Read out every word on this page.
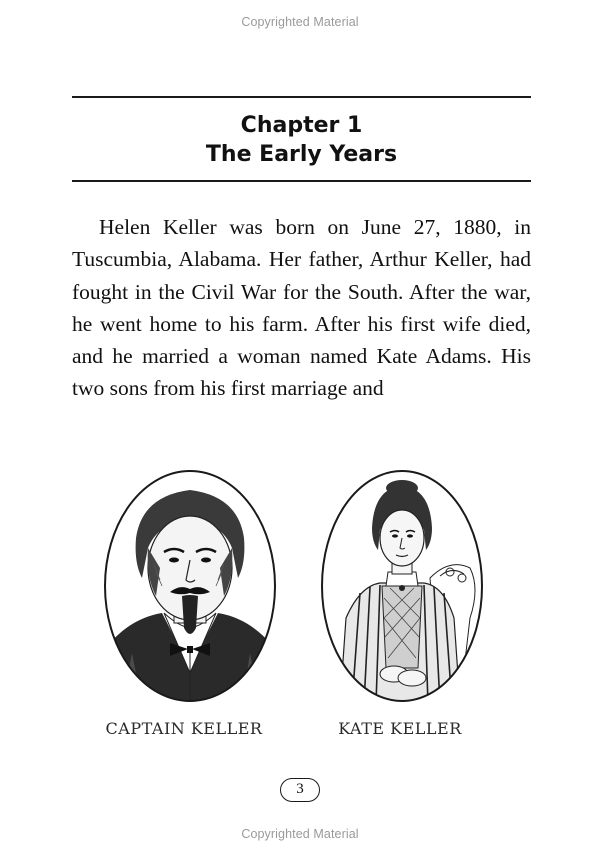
Copyrighted Material
Chapter 1
The Early Years

Helen Keller was born on June 27, 1880, in Tuscumbia, Alabama. Her father, Arthur Keller, had fought in the Civil War for the South. After the war, he went home to his farm. After his first wife died, and he married a woman named Kate Adams. His two sons from his first marriage and

CAPTAIN KELLER	KATE KELLER
3
Copyrighted Material
